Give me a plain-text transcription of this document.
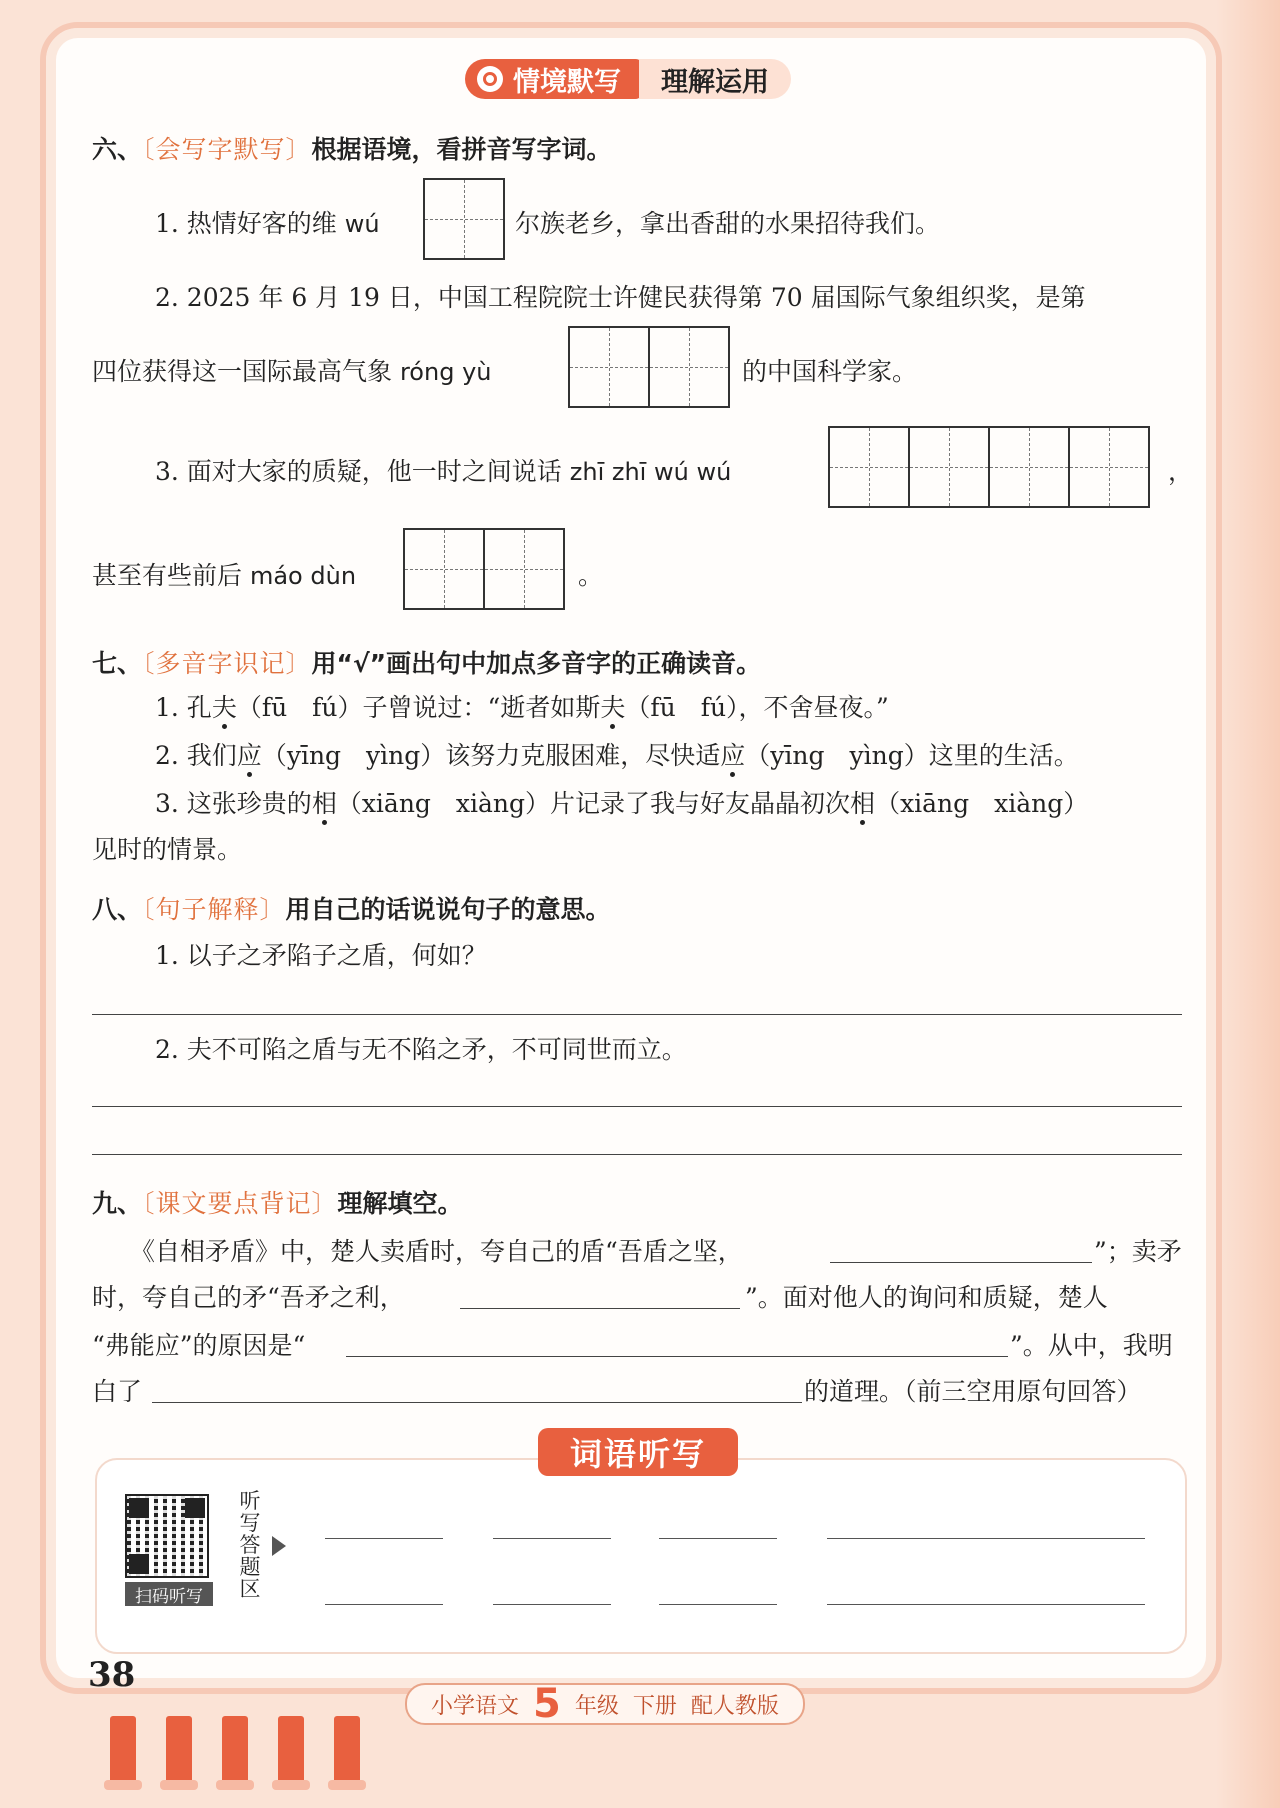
情境默写	理解运用
六、〔会写字默写〕根据语境，看拼音写字词。
1. 热情好客的维 wú	尔族老乡，拿出香甜的水果招待我们。
2. 2025 年 6 月 19 日，中国工程院院士许健民获得第 70 届国际气象组织奖，是第
四位获得这一国际最高气象 róng yù	的中国科学家。
3. 面对大家的质疑，他一时之间说话 zhī zhī wú wú	，
甚至有些前后 máo dùn	。
七、〔多音字识记〕用“√”画出句中加点多音字的正确读音。
1. 孔夫（fū　fú）子曾说过：“逝者如斯夫（fū　fú），不舍昼夜。”
2. 我们应（yīng　yìng）该努力克服困难，尽快适应（yīng　yìng）这里的生活。
3. 这张珍贵的相（xiāng　xiàng）片记录了我与好友晶晶初次相（xiāng　xiàng）
见时的情景。
八、〔句子解释〕用自己的话说说句子的意思。
1. 以子之矛陷子之盾，何如？
2. 夫不可陷之盾与无不陷之矛，不可同世而立。
九、〔课文要点背记〕理解填空。
《自相矛盾》中，楚人卖盾时，夸自己的盾“吾盾之坚，	”；卖矛
时，夸自己的矛“吾矛之利，	”。面对他人的询问和质疑，楚人
“弗能应”的原因是“	”。从中，我明
白了	的道理。（前三空用原句回答）
扫码听写
听写答题区
词语听写
38
小学语文 5 年级 下册 配人教版
